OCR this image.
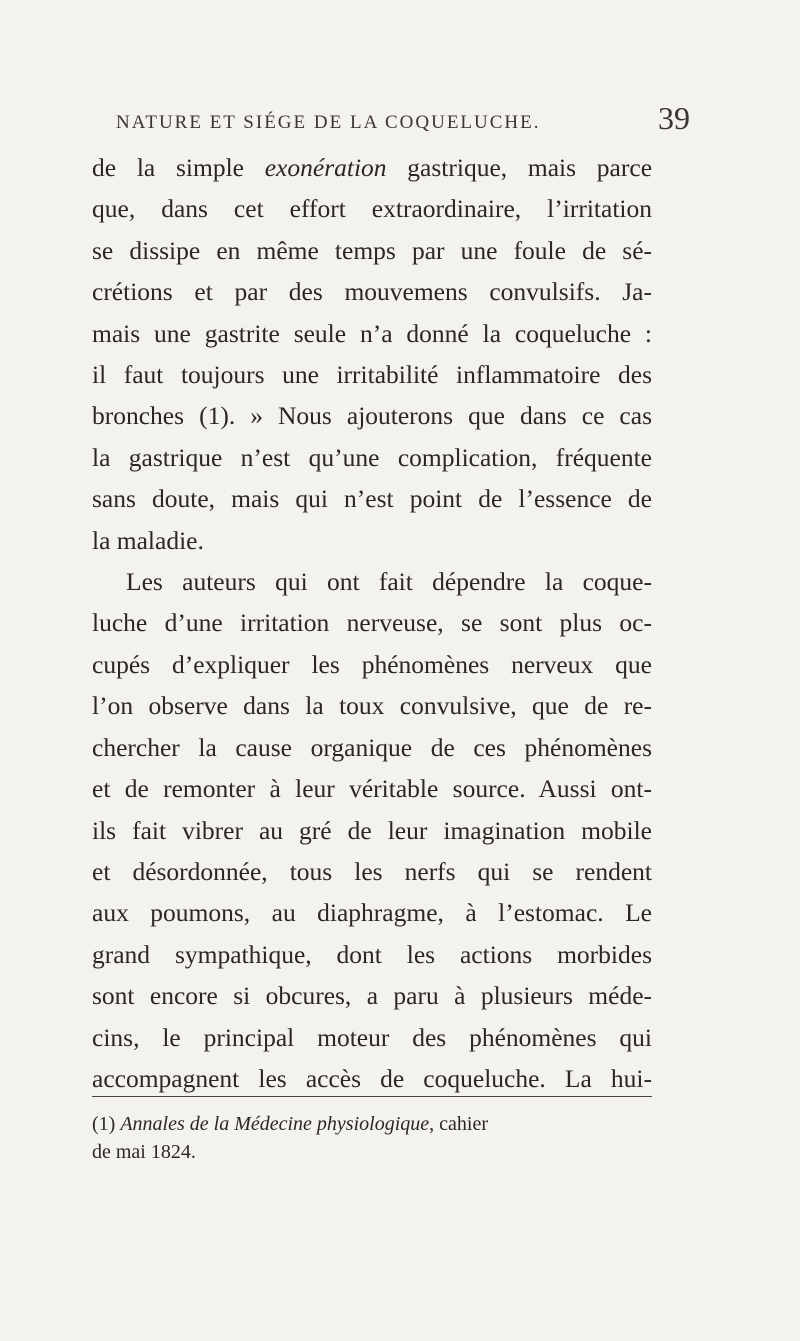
NATURE ET SIÉGE DE LA COQUELUCHE.	39
de la simple exonération gastrique, mais parce
que, dans cet effort extraordinaire, l’irritation
se dissipe en même temps par une foule de sé-
crétions et par des mouvemens convulsifs. Ja-
mais une gastrite seule n’a donné la coqueluche :
il faut toujours une irritabilité inflammatoire des
bronches (1). » Nous ajouterons que dans ce cas
la gastrique n’est qu’une complication, fréquente
sans doute, mais qui n’est point de l’essence de
la maladie.
Les auteurs qui ont fait dépendre la coque-
luche d’une irritation nerveuse, se sont plus oc-
cupés d’expliquer les phénomènes nerveux que
l’on observe dans la toux convulsive, que de re-
chercher la cause organique de ces phénomènes
et de remonter à leur véritable source. Aussi ont-
ils fait vibrer au gré de leur imagination mobile
et désordonnée, tous les nerfs qui se rendent
aux poumons, au diaphragme, à l’estomac. Le
grand sympathique, dont les actions morbides
sont encore si obcures, a paru à plusieurs méde-
cins, le principal moteur des phénomènes qui
accompagnent les accès de coqueluche. La hui-
(1) Annales de la Médecine physiologique, cahier
de mai 1824.
